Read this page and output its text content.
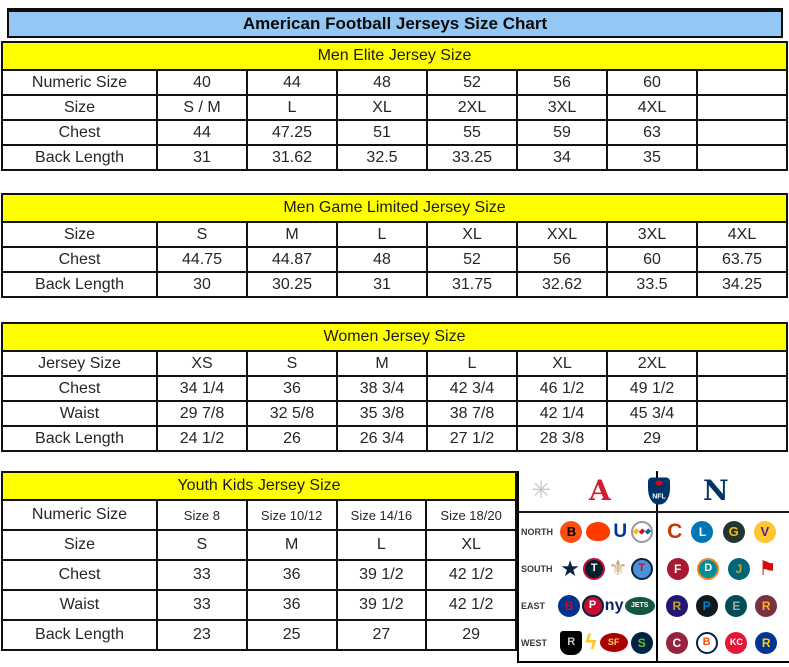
American Football Jerseys Size Chart
Men Elite Jersey Size							
Numeric Size	40	44	48	52	56	60	
Size	S / M	L	XL	2XL	3XL	4XL	
Chest	44	47.25	51	55	59	63	
Back Length	31	31.62	32.5	33.25	34	35	
Men Game Limited Jersey Size							
Size	S	M	L	XL	XXL	3XL	4XL
Chest	44.75	44.87	48	52	56	60	63.75
Back Length	30	30.25	31	31.75	32.62	33.5	34.25
Women Jersey Size							
Jersey Size	XS	S	M	L	XL	2XL	
Chest	34 1/4	36	38 3/4	42 3/4	46 1/2	49 1/2	
Waist	29 7/8	32 5/8	35 3/8	38 7/8	42 1/4	45 3/4	
Back Length	24 1/2	26	26 3/4	27 1/2	28 3/8	29	
Youth Kids Jersey Size				
Numeric Size	Size 8	Size 10/12	Size 14/16	Size 18/20
Size	S	M	L	XL
Chest	33	36	39 1/2	42 1/2
Waist	33	36	39 1/2	42 1/2
Back Length	23	25	27	29
✳ A	NFL N
NORTH	B	U C	L	G	V
SOUTH ★ T ⚜ T	F	D	J ⚑
EAST	B	P ny	JETS	R	P	E	R
WEST	R ϟ	SF	S	C	B	KC	R
